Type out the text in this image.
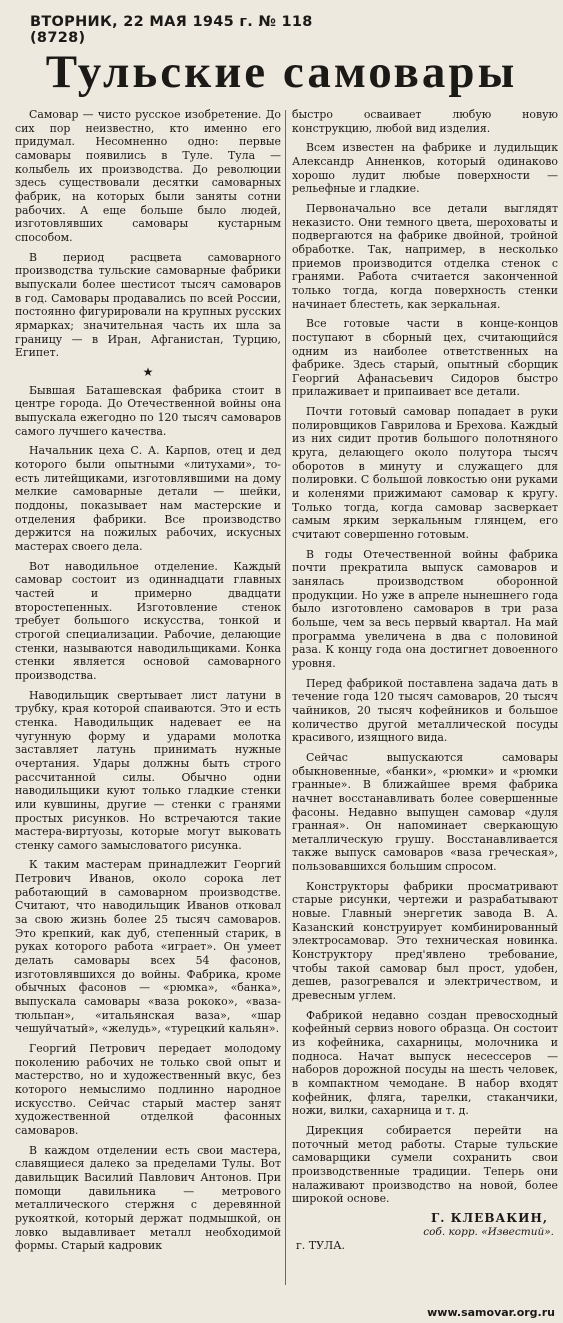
ВТОРНИК, 22 МАЯ 1945 г. № 118 (8728)
Тульские самовары

Самовар — чисто русское изобретение. До сих пор неизвестно, кто именно его придумал. Несомненно одно: первые самовары появились в Туле. Тула — колыбель их производства. До революции здесь существовали десятки самоварных фабрик, на которых были заняты сотни рабочих. А еще больше было людей, изготовлявших самовары кустарным способом.

В период расцвета самоварного производства тульские самоварные фабрики выпускали более шестисот тысяч самоваров в год. Самовары продавались по всей России, постоянно фигурировали на крупных русских ярмарках; значительная часть их шла за границу — в Иран, Афганистан, Турцию, Египет.

★

Бывшая Баташевская фабрика стоит в центре города. До Отечественной войны она выпускала ежегодно по 120 тысяч самоваров самого лучшего качества.

Начальник цеха С. А. Карпов, отец и дед которого были опытными «литухами», то-есть литейщиками, изготовлявшими на дому мелкие самоварные детали — шейки, поддоны, показывает нам мастерские и отделения фабрики. Все производство держится на пожилых рабочих, искусных мастерах своего дела.

Вот наводильное отделение. Каждый самовар состоит из одиннадцати главных частей и примерно двадцати второстепенных. Изготовление стенок требует большого искусства, тонкой и строгой специализации. Рабочие, делающие стенки, называются наводильщиками. Конка стенки является основой самоварного производства.

Наводильщик свертывает лист латуни в трубку, края которой спаиваются. Это и есть стенка. Наводильщик надевает ее на чугунную форму и ударами молотка заставляет латунь принимать нужные очертания. Удары должны быть строго рассчитанной силы. Обычно одни наводильщики куют только гладкие стенки или кувшины, другие — стенки с гранями простых рисунков. Но встречаются такие мастера-виртуозы, которые могут выковать стенку самого замысловатого рисунка.

К таким мастерам принадлежит Георгий Петрович Иванов, около сорока лет работающий в самоварном производстве. Считают, что наводильщик Иванов отковал за свою жизнь более 25 тысяч самоваров. Это крепкий, как дуб, степенный старик, в руках которого работа «играет». Он умеет делать самовары всех 54 фасонов, изготовлявшихся до войны. Фабрика, кроме обычных фасонов — «рюмка», «банка», выпускала самовары «ваза рококо», «ваза-тюльпан», «итальянская ваза», «шар чешуйчатый», «желудь», «турецкий кальян».

Георгий Петрович передает молодому поколению рабочих не только свой опыт и мастерство, но и художественный вкус, без которого немыслимо подлинно народное искусство. Сейчас старый мастер занят художественной отделкой фасонных самоваров.

В каждом отделении есть свои мастера, славящиеся далеко за пределами Тулы. Вот давильщик Василий Павлович Антонов. При помощи давильника — метрового металлического стержня с деревянной рукояткой, который держат подмышкой, он ловко выдавливает металл необходимой формы. Старый кадровик

быстро осваивает любую новую конструкцию, любой вид изделия.

Всем известен на фабрике и лудильщик Александр Анненков, который одинаково хорошо лудит любые поверхности — рельефные и гладкие.

Первоначально все детали выглядят неказисто. Они темного цвета, шероховаты и подвергаются на фабрике двойной, тройной обработке. Так, например, в несколько приемов производится отделка стенок с гранями. Работа считается законченной только тогда, когда поверхность стенки начинает блестеть, как зеркальная.

Все готовые части в конце-концов поступают в сборный цех, считающийся одним из наиболее ответственных на фабрике. Здесь старый, опытный сборщик Георгий Афанасьевич Сидоров быстро прилаживает и припаивает все детали.

Почти готовый самовар попадает в руки полировщиков Гаврилова и Брехова. Каждый из них сидит против большого полотняного круга, делающего около полутора тысяч оборотов в минуту и служащего для полировки. С большой ловкостью они руками и коленями прижимают самовар к кругу. Только тогда, когда самовар засверкает самым ярким зеркальным глянцем, его считают совершенно готовым.

В годы Отечественной войны фабрика почти прекратила выпуск самоваров и занялась производством оборонной продукции. Но уже в апреле нынешнего года было изготовлено самоваров в три раза больше, чем за весь первый квартал. На май программа увеличена в два с половиной раза. К концу года она достигнет довоенного уровня.

Перед фабрикой поставлена задача дать в течение года 120 тысяч самоваров, 20 тысяч чайников, 20 тысяч кофейников и большое количество другой металлической посуды красивого, изящного вида.

Сейчас выпускаются самовары обыкновенные, «банки», «рюмки» и «рюмки гранные». В ближайшее время фабрика начнет восстанавливать более совершенные фасоны. Недавно выпущен самовар «дуля гранная». Он напоминает сверкающую металлическую грушу. Восстанавливается также выпуск самоваров «ваза греческая», пользовавшихся большим спросом.

Конструкторы фабрики просматривают старые рисунки, чертежи и разрабатывают новые. Главный энергетик завода В. А. Казанский конструирует комбинированный электросамовар. Это техническая новинка. Конструктору пред'явлено требование, чтобы такой самовар был прост, удобен, дешев, разогревался и электричеством, и древесным углем.

Фабрикой недавно создан превосходный кофейный сервиз нового образца. Он состоит из кофейника, сахарницы, молочника и подноса. Начат выпуск несессеров — наборов дорожной посуды на шесть человек, в компактном чемодане. В набор входят кофейник, фляга, тарелки, стаканчики, ножи, вилки, сахарница и т. д.

Дирекция собирается перейти на поточный метод работы. Старые тульские самоварщики сумели сохранить свои производственные традиции. Теперь они налаживают производство на новой, более широкой основе.

Г. КЛЕВАКИН,
соб. корр. «Известий».
г. ТУЛА.
www.samovar.org.ru
